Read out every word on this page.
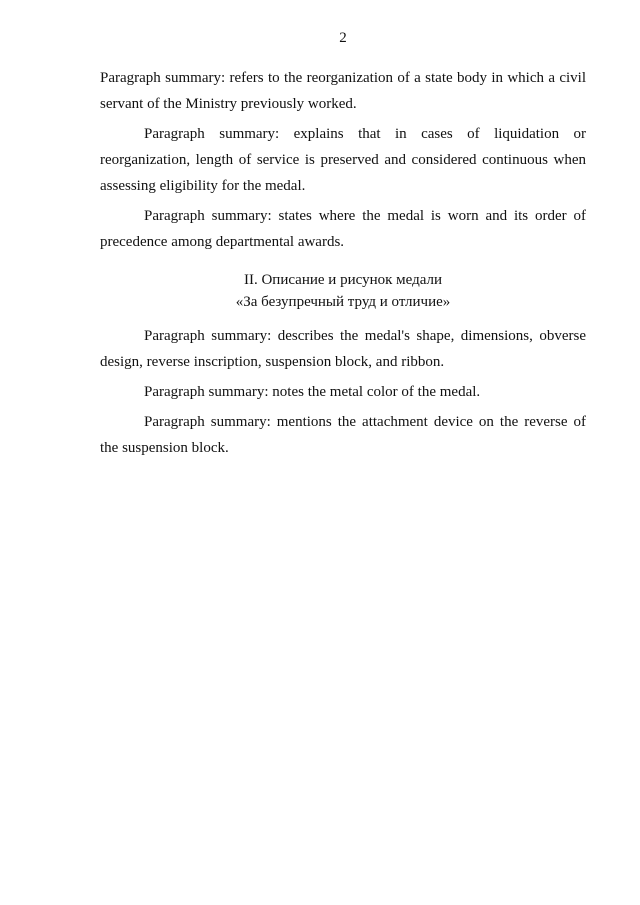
2

Paragraph summary: refers to the reorganization of a state body in which a civil servant of the Ministry previously worked.

Paragraph summary: explains that in cases of liquidation or reorganization, length of service is preserved and considered continuous when assessing eligibility for the medal.

Paragraph summary: states where the medal is worn and its order of precedence among departmental awards.

II. Описание и рисунок медали
«За безупречный труд и отличие»

Paragraph summary: describes the medal's shape, dimensions, obverse design, reverse inscription, suspension block, and ribbon.

Paragraph summary: notes the metal color of the medal.

Paragraph summary: mentions the attachment device on the reverse of the suspension block.
